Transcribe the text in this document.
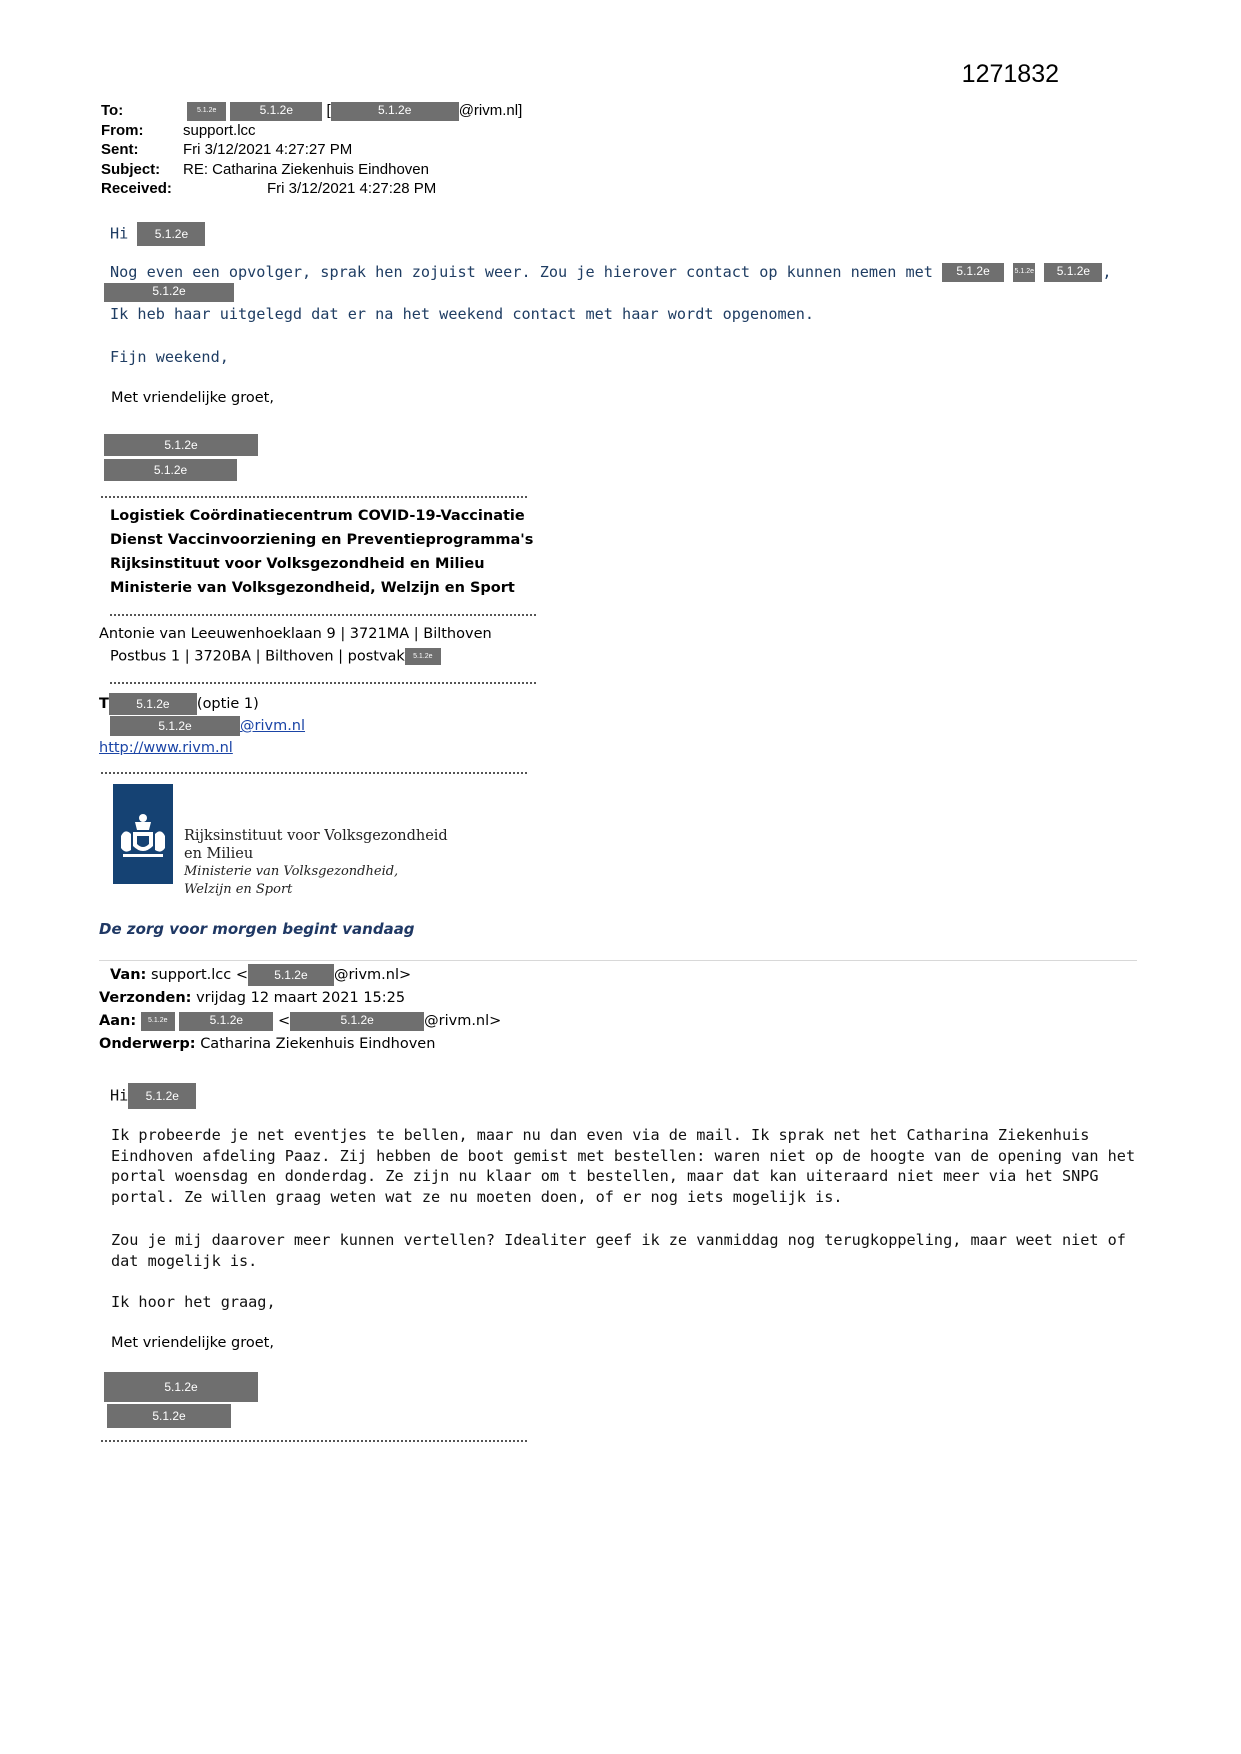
1271832
To:	5.1.2e	5.1.2e [	5.1.2e	@rivm.nl]
From:	support.lcc
Sent:	Fri 3/12/2021 4:27:27 PM
Subject: RE: Catharina Ziekenhuis Eindhoven
Received:	Fri 3/12/2021 4:27:28 PM
Hi 5.1.2e
Nog even een opvolger, sprak hen zojuist weer. Zou je hierover contact op kunnen nemen met 5.1.2e	5.1.2e 5.1.2e ,
5.1.2e
Ik heb haar uitgelegd dat er na het weekend contact met haar wordt opgenomen.
Fijn weekend,
Met vriendelijke groet,
5.1.2e
5.1.2e
Logistiek Coördinatiecentrum COVID-19-Vaccinatie
Dienst Vaccinvoorziening en Preventieprogramma's
Rijksinstituut voor Volksgezondheid en Milieu
Ministerie van Volksgezondheid, Welzijn en Sport
Antonie van Leeuwenhoeklaan 9 | 3721MA | Bilthoven
Postbus 1 | 3720BA | Bilthoven | postvak 5.1.2e
T 5.1.2e (optie 1)
5.1.2e	@rivm.nl
http://www.rivm.nl
Rijksinstituut voor Volksgezondheid
en Milieu
Ministerie van Volksgezondheid,
Welzijn en Sport
De zorg voor morgen begint vandaag
Van: support.lcc < 5.1.2e @rivm.nl>
Verzonden: vrijdag 12 maart 2021 15:25
Aan: 5.1.2e	5.1.2e <	5.1.2e	@rivm.nl>
Onderwerp: Catharina Ziekenhuis Eindhoven
Hi 5.1.2e
Ik probeerde je net eventjes te bellen, maar nu dan even via de mail. Ik sprak net het Catharina Ziekenhuis
Eindhoven afdeling Paaz. Zij hebben de boot gemist met bestellen: waren niet op de hoogte van de opening van het
portal woensdag en donderdag. Ze zijn nu klaar om t bestellen, maar dat kan uiteraard niet meer via het SNPG
portal. Ze willen graag weten wat ze nu moeten doen, of er nog iets mogelijk is.
Zou je mij daarover meer kunnen vertellen? Idealiter geef ik ze vanmiddag nog terugkoppeling, maar weet niet of
dat mogelijk is.
Ik hoor het graag,
Met vriendelijke groet,
5.1.2e
5.1.2e
